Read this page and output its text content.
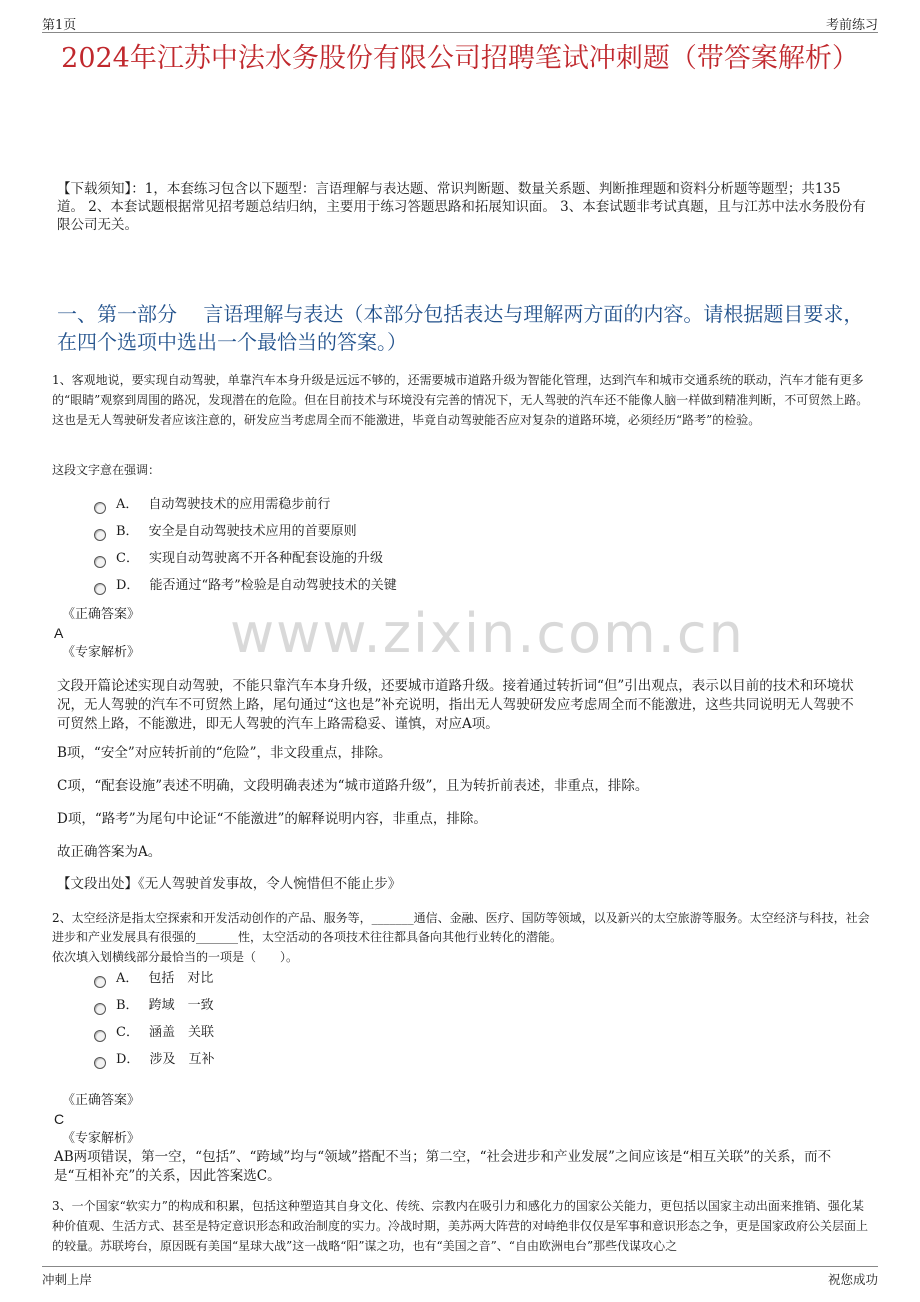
第1页	考前练习
2024年江苏中法水务股份有限公司招聘笔试冲刺题（带答案解析）
【下载须知】：1，本套练习包含以下题型：言语理解与表达题、常识判断题、数量关系题、判断推理题和资料分析题等题型；共135道。 2、本套试题根据常见招考题总结归纳，主要用于练习答题思路和拓展知识面。 3、本套试题非考试真题，且与江苏中法水务股份有限公司无关。
一、第一部分　 言语理解与表达（本部分包括表达与理解两方面的内容。请根据题目要求，在四个选项中选出一个最恰当的答案。）
1、客观地说，要实现自动驾驶，单靠汽车本身升级是远远不够的，还需要城市道路升级为智能化管理，达到汽车和城市交通系统的联动，汽车才能有更多的“眼睛”观察到周围的路况，发现潜在的危险。但在目前技术与环境没有完善的情况下，无人驾驶的汽车还不能像人脑一样做到精准判断，不可贸然上路。这也是无人驾驶研发者应该注意的，研发应当考虑周全而不能激进，毕竟自动驾驶能否应对复杂的道路环境，必须经历“路考”的检验。
这段文字意在强调：
A． 自动驾驶技术的应用需稳步前行
B． 安全是自动驾驶技术应用的首要原则
C． 实现自动驾驶离不开各种配套设施的升级
D． 能否通过“路考”检验是自动驾驶技术的关键
www.zixin.com.cn
《正确答案》
A
《专家解析》
文段开篇论述实现自动驾驶，不能只靠汽车本身升级，还要城市道路升级。接着通过转折词“但”引出观点，表示以目前的技术和环境状况，无人驾驶的汽车不可贸然上路，尾句通过“这也是”补充说明，指出无人驾驶研发应考虑周全而不能激进，这些共同说明无人驾驶不可贸然上路，不能激进，即无人驾驶的汽车上路需稳妥、谨慎，对应A项。
B项，“安全”对应转折前的“危险”，非文段重点，排除。
C项，“配套设施”表述不明确，文段明确表述为“城市道路升级”，且为转折前表述，非重点，排除。
D项，“路考”为尾句中论证“不能激进”的解释说明内容，非重点，排除。
故正确答案为A。
【文段出处】《无人驾驶首发事故，令人惋惜但不能止步》
2、太空经济是指太空探索和开发活动创作的产品、服务等，_______通信、金融、医疗、国防等领域，以及新兴的太空旅游等服务。太空经济与科技，社会进步和产业发展具有很强的_______性，太空活动的各项技术往往都具备向其他行业转化的潜能。
依次填入划横线部分最恰当的一项是（　　）。
A． 包括　对比
B． 跨域　一致
C． 涵盖　关联
D． 涉及　互补
《正确答案》
C
《专家解析》
AB两项错误，第一空，“包括”、“跨域”均与“领域”搭配不当；第二空，“社会进步和产业发展”之间应该是“相互关联”的关系，而不是“互相补充”的关系，因此答案选C。
3、一个国家“软实力”的构成和积累，包括这种塑造其自身文化、传统、宗教内在吸引力和感化力的国家公关能力，更包括以国家主动出面来推销、强化某种价值观、生活方式、甚至是特定意识形态和政治制度的实力。冷战时期，美苏两大阵营的对峙绝非仅仅是军事和意识形态之争，更是国家政府公关层面上的较量。苏联垮台，原因既有美国“星球大战”这一战略“阳”谋之功，也有“美国之音”、“自由欧洲电台”那些伐谋攻心之
冲刺上岸	祝您成功
